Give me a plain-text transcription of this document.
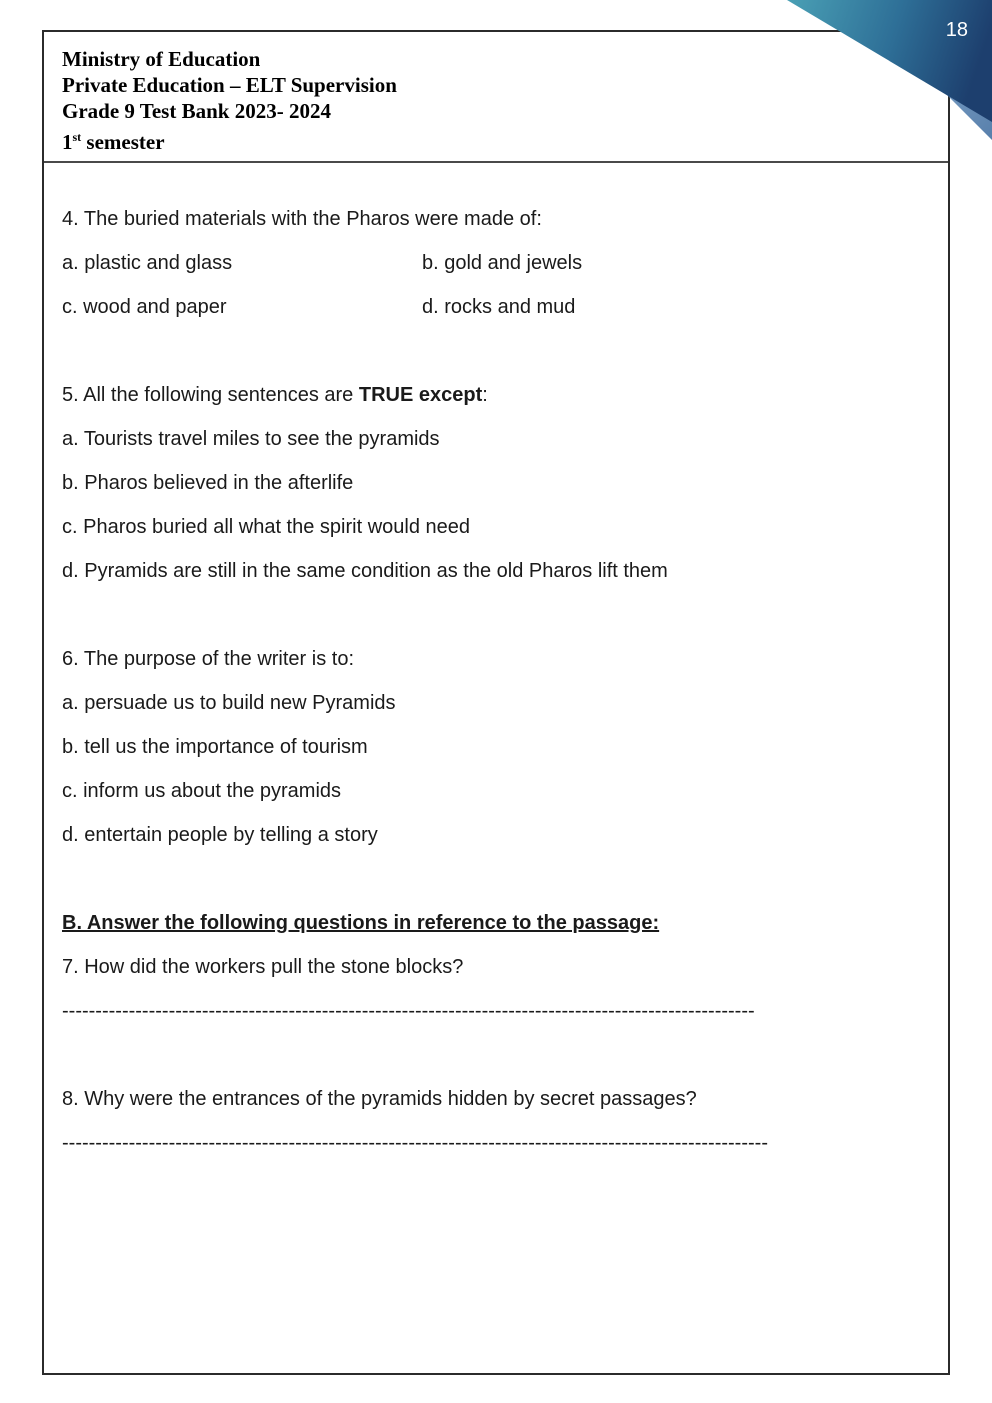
18
Ministry of Education
Private Education – ELT Supervision
Grade 9 Test Bank 2023- 2024
1st semester

4. The buried materials with the Pharos were made of:

a. plastic and glass	b. gold and jewels
c. wood and paper	d. rocks and mud

5. All the following sentences are TRUE except:

a. Tourists travel miles to see the pyramids

b. Pharos believed in the afterlife

c. Pharos buried all what the spirit would need

d. Pyramids are still in the same condition as the old Pharos lift them

6. The purpose of the writer is to:

a. persuade us to build new Pyramids

b. tell us the importance of tourism

c. inform us about the pyramids

d. entertain people by telling a story

B. Answer the following questions in reference to the passage:

7. How did the workers pull the stone blocks?

--------------------------------------------------------------------------------------------------------

8. Why were the entrances of the pyramids hidden by secret passages?

----------------------------------------------------------------------------------------------------------
